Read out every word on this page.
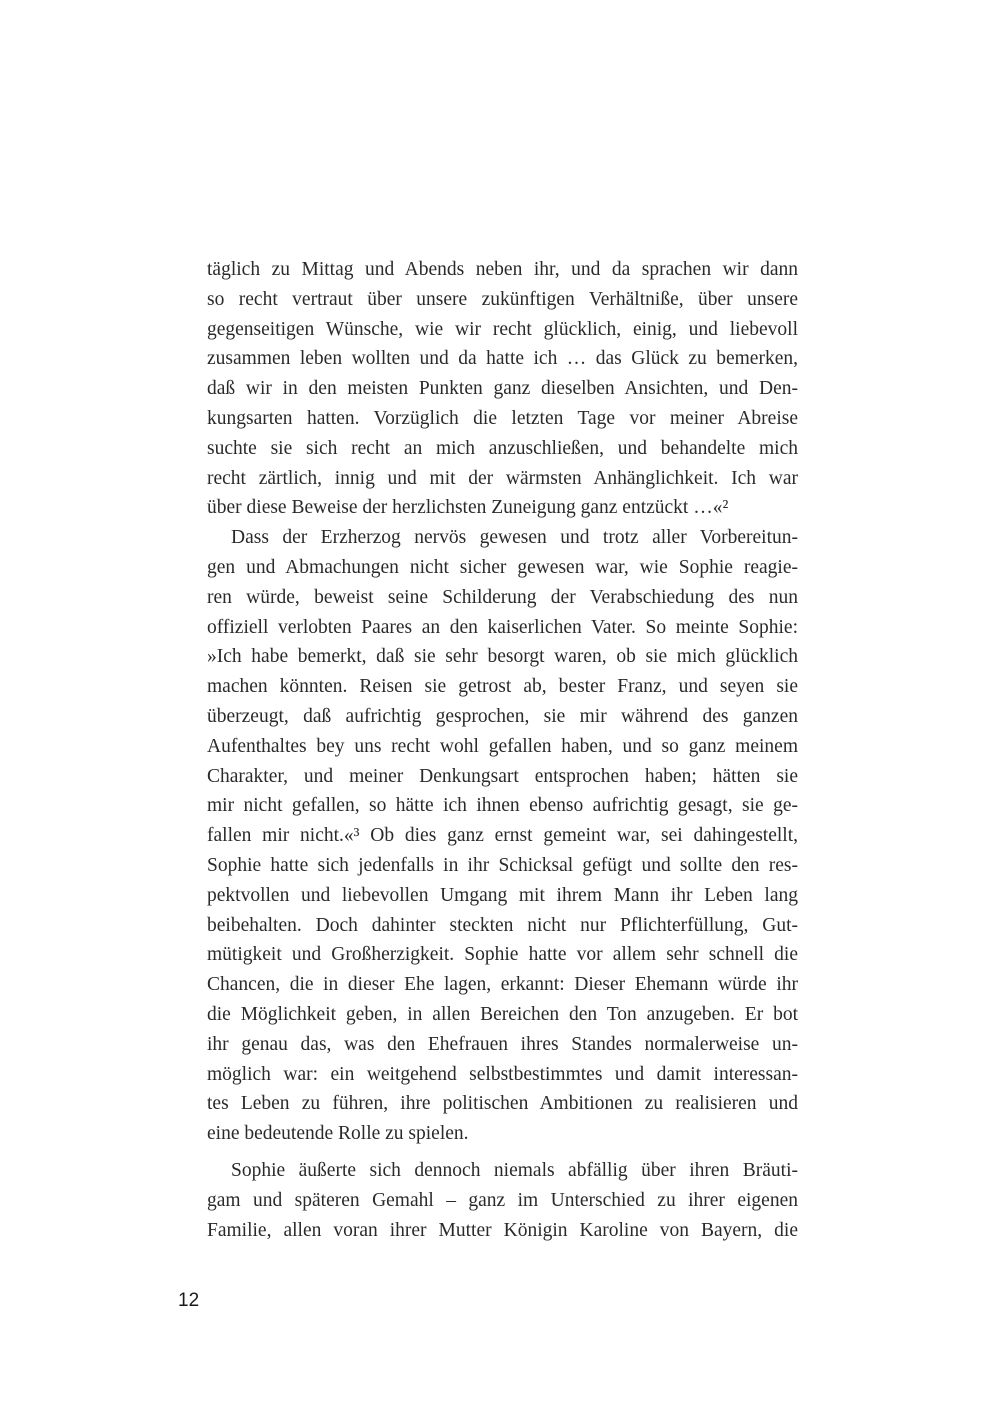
täglich zu Mittag und Abends neben ihr, und da sprachen wir dann
so recht vertraut über unsere zukünftigen Verhältniße, über unsere
gegenseitigen Wünsche, wie wir recht glücklich, einig, und liebevoll
zusammen leben wollten und da hatte ich … das Glück zu bemerken,
daß wir in den meisten Punkten ganz dieselben Ansichten, und Den-
kungsarten hatten. Vorzüglich die letzten Tage vor meiner Abreise
suchte sie sich recht an mich anzuschließen, und behandelte mich
recht zärtlich, innig und mit der wärmsten Anhänglichkeit. Ich war
über diese Beweise der herzlichsten Zuneigung ganz entzückt …«²
Dass der Erzherzog nervös gewesen und trotz aller Vorbereitun-
gen und Abmachungen nicht sicher gewesen war, wie Sophie reagie-
ren würde, beweist seine Schilderung der Verabschiedung des nun
offiziell verlobten Paares an den kaiserlichen Vater. So meinte Sophie:
»Ich habe bemerkt, daß sie sehr besorgt waren, ob sie mich glücklich
machen könnten. Reisen sie getrost ab, bester Franz, und seyen sie
überzeugt, daß aufrichtig gesprochen, sie mir während des ganzen
Aufenthaltes bey uns recht wohl gefallen haben, und so ganz meinem
Charakter, und meiner Denkungsart entsprochen haben; hätten sie
mir nicht gefallen, so hätte ich ihnen ebenso aufrichtig gesagt, sie ge-
fallen mir nicht.«³ Ob dies ganz ernst gemeint war, sei dahingestellt,
Sophie hatte sich jedenfalls in ihr Schicksal gefügt und sollte den res-
pektvollen und liebevollen Umgang mit ihrem Mann ihr Leben lang
beibehalten. Doch dahinter steckten nicht nur Pflichterfüllung, Gut-
mütigkeit und Großherzigkeit. Sophie hatte vor allem sehr schnell die
Chancen, die in dieser Ehe lagen, erkannt: Dieser Ehemann würde ihr
die Möglichkeit geben, in allen Bereichen den Ton anzugeben. Er bot
ihr genau das, was den Ehefrauen ihres Standes normalerweise un-
möglich war: ein weitgehend selbstbestimmtes und damit interessan-
tes Leben zu führen, ihre politischen Ambitionen zu realisieren und
eine bedeutende Rolle zu spielen.
Sophie äußerte sich dennoch niemals abfällig über ihren Bräuti-
gam und späteren Gemahl – ganz im Unterschied zu ihrer eigenen
Familie, allen voran ihrer Mutter Königin Karoline von Bayern, die
12
